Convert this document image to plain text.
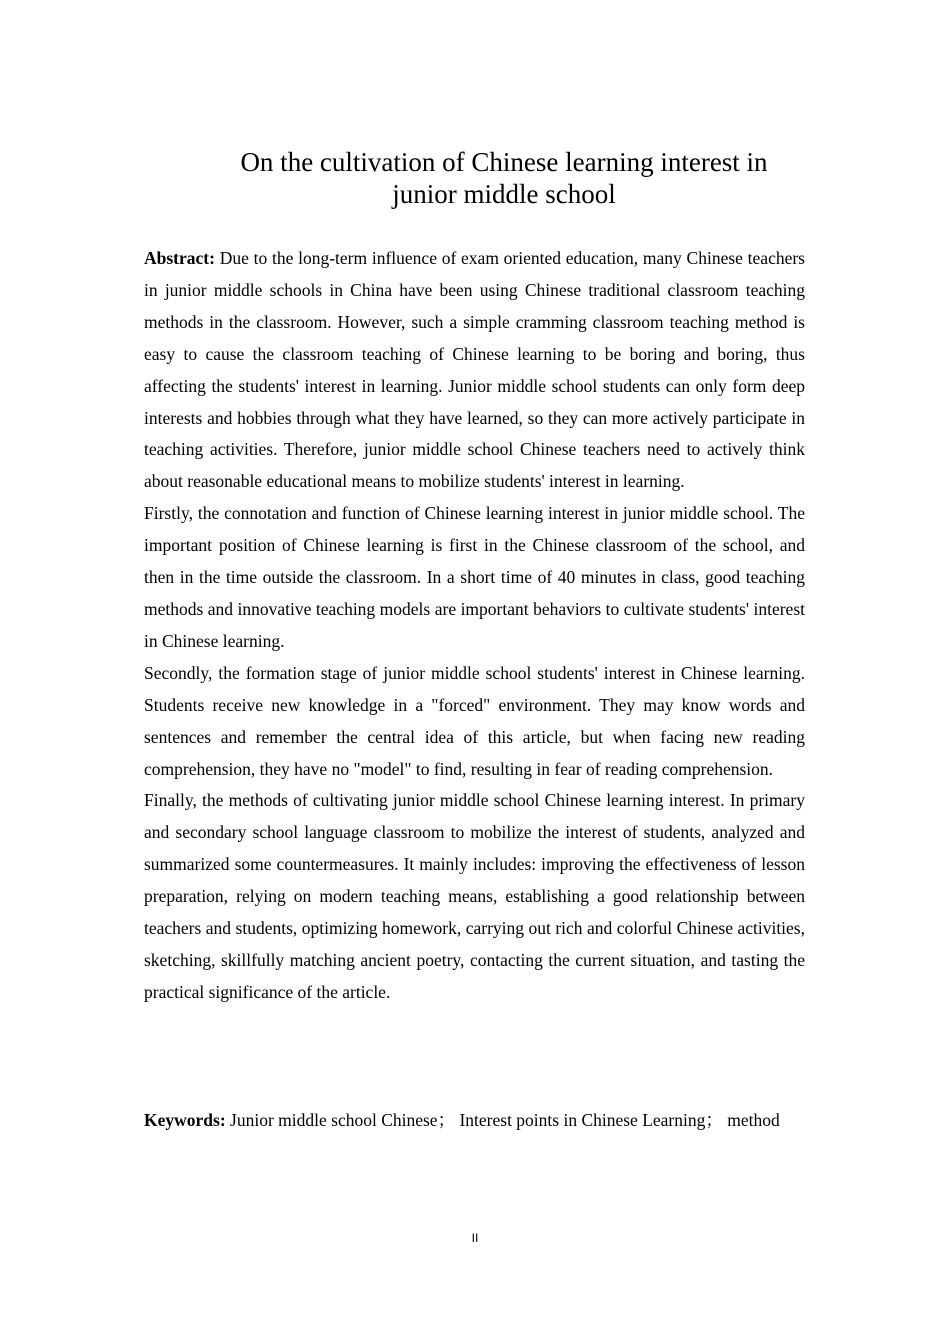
On the cultivation of Chinese learning interest in
junior middle school

Abstract: Due to the long-term influence of exam oriented education, many Chinese teachers in junior middle schools in China have been using Chinese traditional classroom teaching methods in the classroom. However, such a simple cramming classroom teaching method is easy to cause the classroom teaching of Chinese learning to be boring and boring, thus affecting the students' interest in learning. Junior middle school students can only form deep interests and hobbies through what they have learned, so they can more actively participate in teaching activities. Therefore, junior middle school Chinese teachers need to actively think about reasonable educational means to mobilize students' interest in learning.

Firstly, the connotation and function of Chinese learning interest in junior middle school. The important position of Chinese learning is first in the Chinese classroom of the school, and then in the time outside the classroom. In a short time of 40 minutes in class, good teaching methods and innovative teaching models are important behaviors to cultivate students' interest in Chinese learning.

Secondly, the formation stage of junior middle school students' interest in Chinese learning. Students receive new knowledge in a "forced" environment. They may know words and sentences and remember the central idea of this article, but when facing new reading comprehension, they have no "model" to find, resulting in fear of reading comprehension.

Finally, the methods of cultivating junior middle school Chinese learning interest. In primary and secondary school language classroom to mobilize the interest of students, analyzed and summarized some countermeasures. It mainly includes: improving the effectiveness of lesson preparation, relying on modern teaching means, establishing a good relationship between teachers and students, optimizing homework, carrying out rich and colorful Chinese activities, sketching, skillfully matching ancient poetry, contacting the current situation, and tasting the practical significance of the article.

Keywords: Junior middle school Chinese； Interest points in Chinese Learning； method

II
